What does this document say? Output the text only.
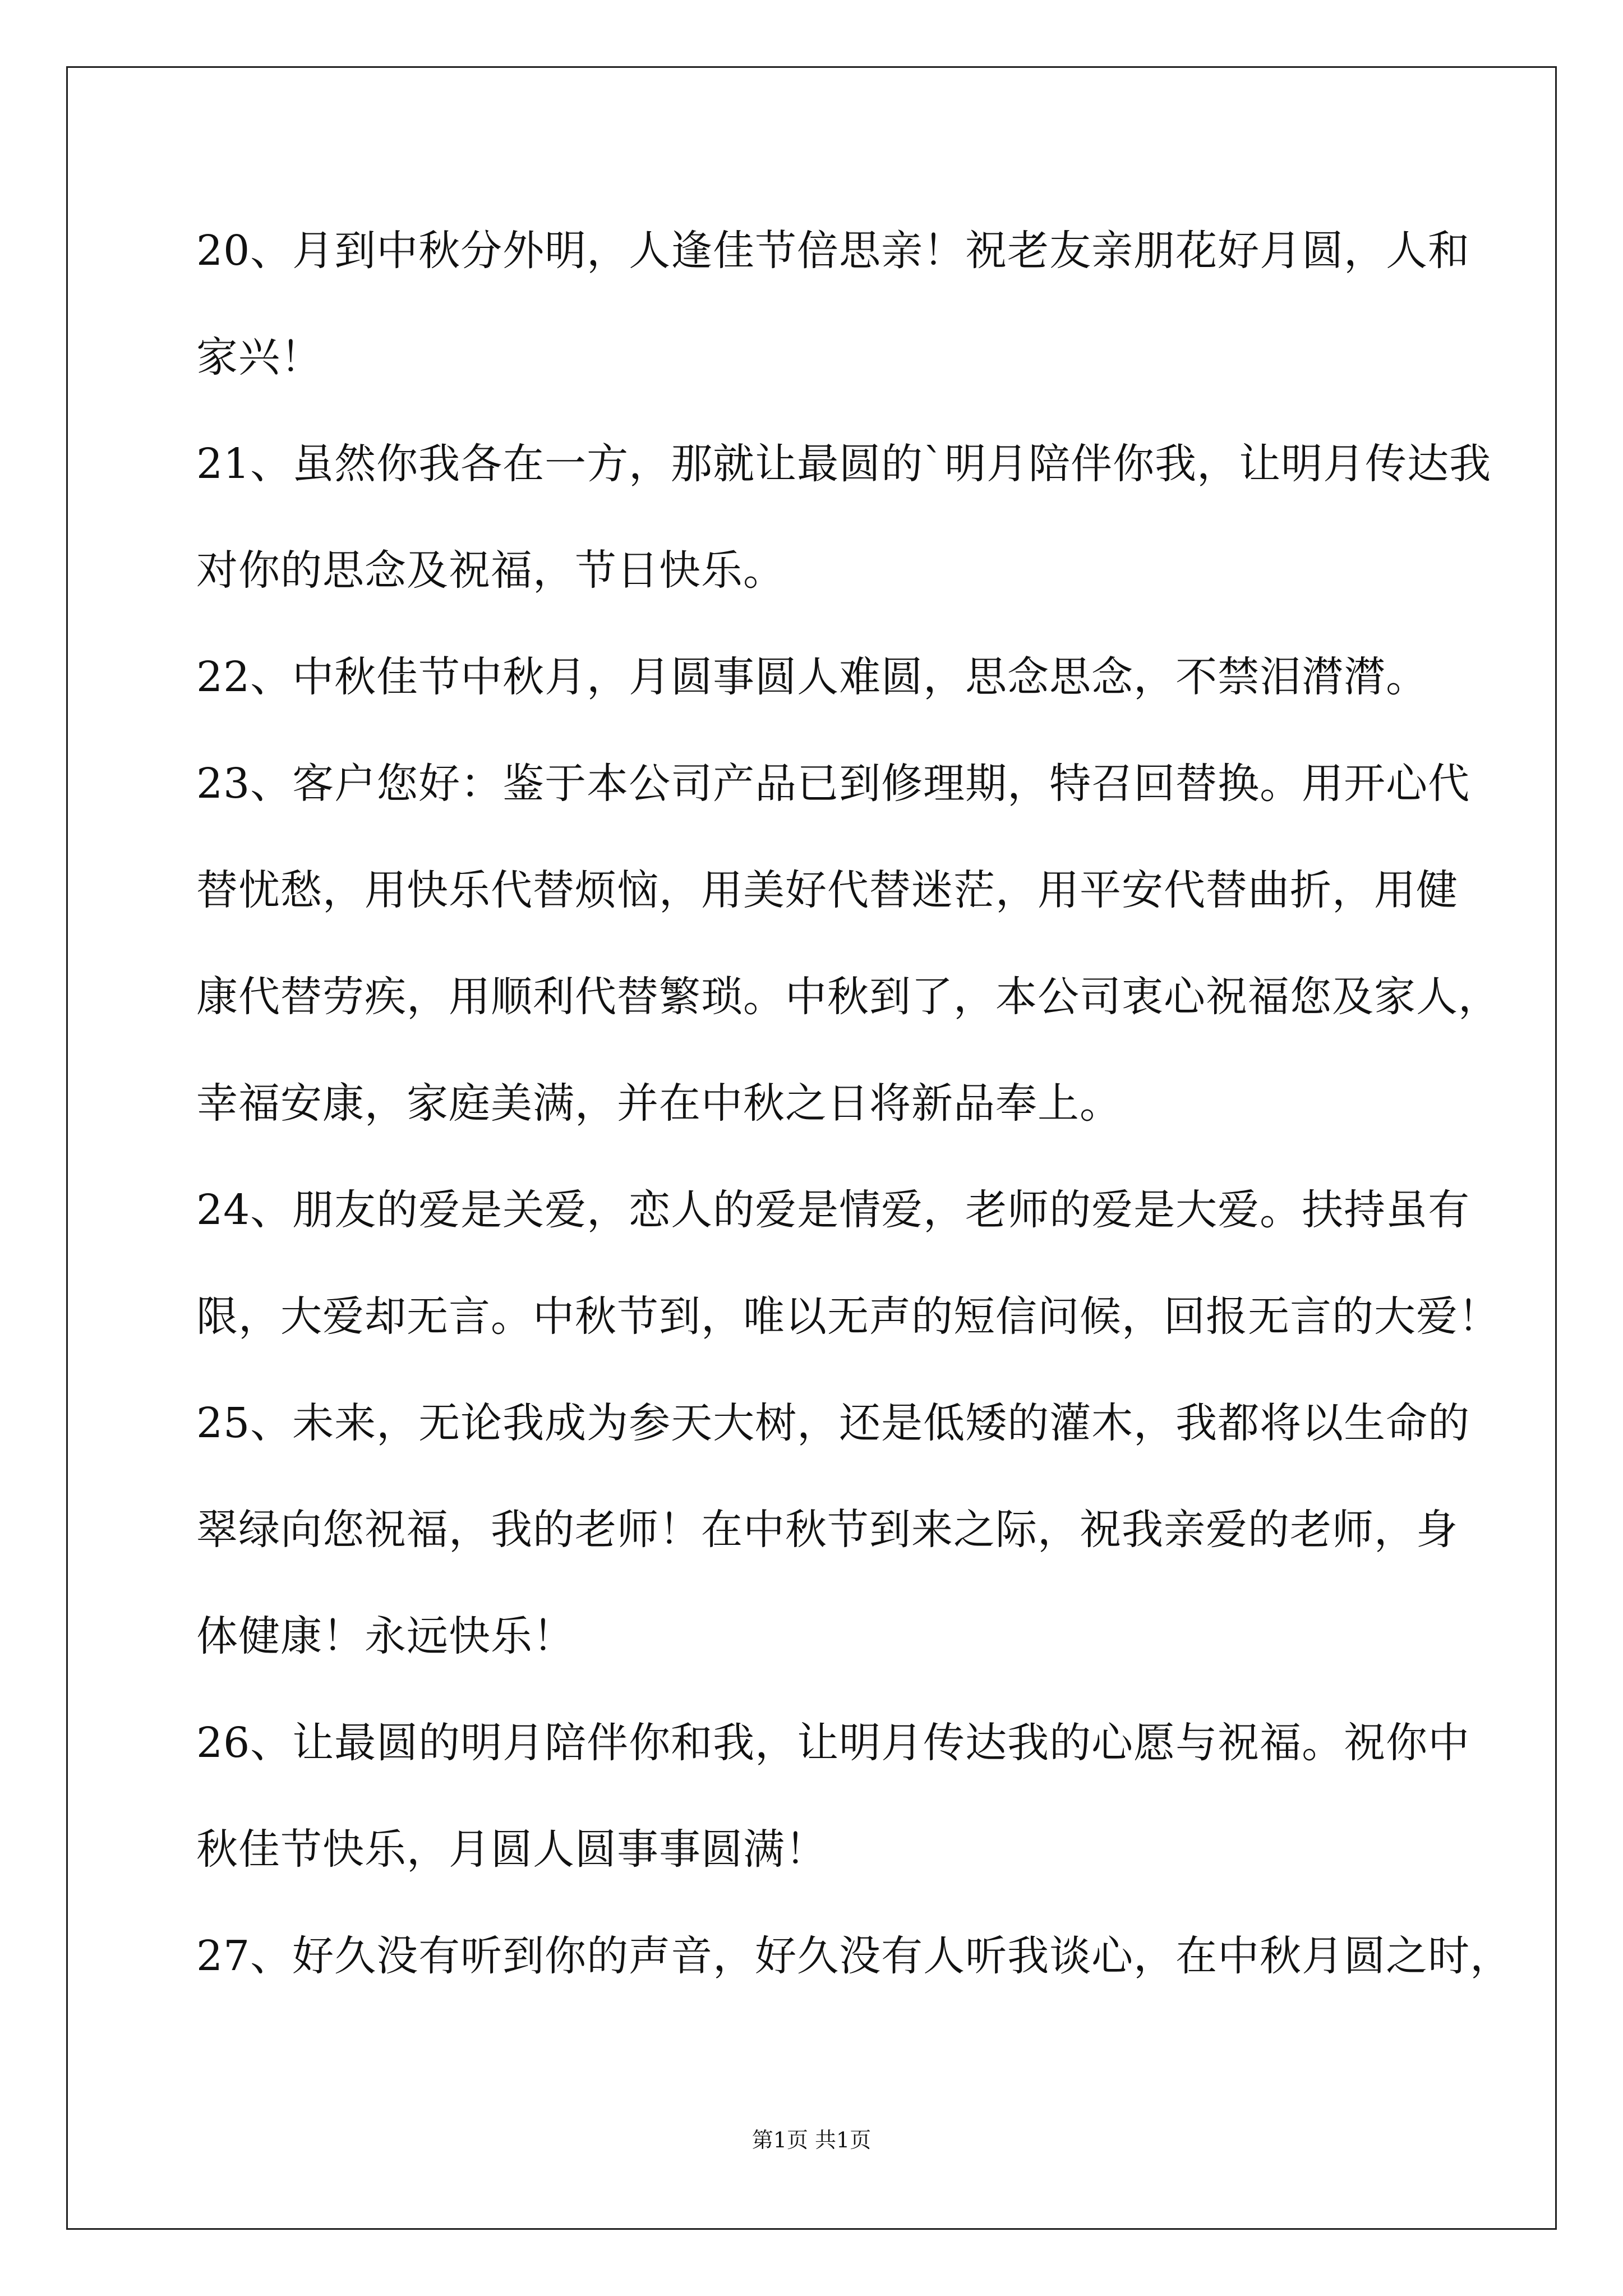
20、月到中秋分外明，人逢佳节倍思亲！祝老友亲朋花好月圆，人和
家兴！
21、虽然你我各在一方，那就让最圆的`明月陪伴你我，让明月传达我
对你的思念及祝福，节日快乐。
22、中秋佳节中秋月，月圆事圆人难圆，思念思念，不禁泪潸潸。
23、客户您好：鉴于本公司产品已到修理期，特召回替换。用开心代
替忧愁，用快乐代替烦恼，用美好代替迷茫，用平安代替曲折，用健
康代替劳疾，用顺利代替繁琐。中秋到了，本公司衷心祝福您及家人，
幸福安康，家庭美满，并在中秋之日将新品奉上。
24、朋友的爱是关爱，恋人的爱是情爱，老师的爱是大爱。扶持虽有
限，大爱却无言。中秋节到，唯以无声的短信问候，回报无言的大爱！
25、未来，无论我成为参天大树，还是低矮的灌木，我都将以生命的
翠绿向您祝福，我的老师！在中秋节到来之际，祝我亲爱的老师，身
体健康！永远快乐！
26、让最圆的明月陪伴你和我，让明月传达我的心愿与祝福。祝你中
秋佳节快乐，月圆人圆事事圆满！
27、好久没有听到你的声音，好久没有人听我谈心，在中秋月圆之时，
第1页 共1页
